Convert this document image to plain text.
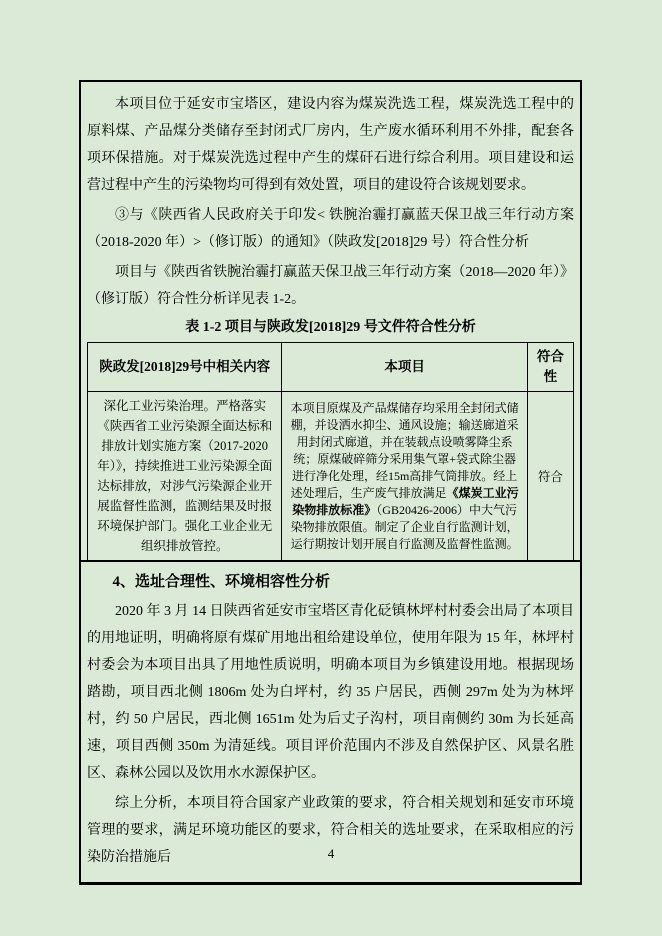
本项目位于延安市宝塔区，建设内容为煤炭洗选工程，煤炭洗选工程中的原料煤、产品煤分类储存至封闭式厂房内，生产废水循环利用不外排，配套各项环保措施。对于煤炭洗选过程中产生的煤矸石进行综合利用。项目建设和运营过程中产生的污染物均可得到有效处置，项目的建设符合该规划要求。

③与《陕西省人民政府关于印发< 铁腕治霾打赢蓝天保卫战三年行动方案（2018-2020 年）>（修订版）的通知》（陕政发[2018]29 号）符合性分析

项目与《陕西省铁腕治霾打赢蓝天保卫战三年行动方案（2018—2020 年）》（修订版）符合性分析详见表 1-2。

表 1-2 项目与陕政发[2018]29 号文件符合性分析
陕政发[2018]29号中相关内容	本项目	符合性
深化工业污染治理。严格落实《陕西省工业污染源全面达标和排放计划实施方案（2017-2020年）》，持续推进工业污染源全面达标排放，对涉气污染源企业开展监督性监测，监测结果及时报环境保护部门。强化工业企业无组织排放管控。	本项目原煤及产品煤储存均采用全封闭式储棚，并设洒水抑尘、通风设施；输送廊道采用封闭式廊道，并在装载点设喷雾降尘系统；原煤破碎筛分采用集气罩+袋式除尘器进行净化处理，经15m高排气筒排放。经上述处理后，生产废气排放满足《煤炭工业污染物排放标准》（GB20426-2006）中大气污染物排放限值。制定了企业自行监测计划，运行期按计划开展自行监测及监督性监测。	符合
4、选址合理性、环境相容性分析

2020 年 3 月 14 日陕西省延安市宝塔区青化砭镇林坪村村委会出局了本项目的用地证明，明确将原有煤矿用地出租给建设单位，使用年限为 15 年，林坪村村委会为本项目出具了用地性质说明，明确本项目为乡镇建设用地。根据现场踏勘，项目西北侧 1806m 处为白坪村，约 35 户居民，西侧 297m 处为为林坪村，约 50 户居民，西北侧 1651m 处为后丈子沟村，项目南侧约 30m 为长延高速，项目西侧 350m 为清延线。项目评价范围内不涉及自然保护区、风景名胜区、森林公园以及饮用水水源保护区。

综上分析，本项目符合国家产业政策的要求，符合相关规划和延安市环境管理的要求，满足环境功能区的要求，符合相关的选址要求，在采取相应的污染防治措施后	4
